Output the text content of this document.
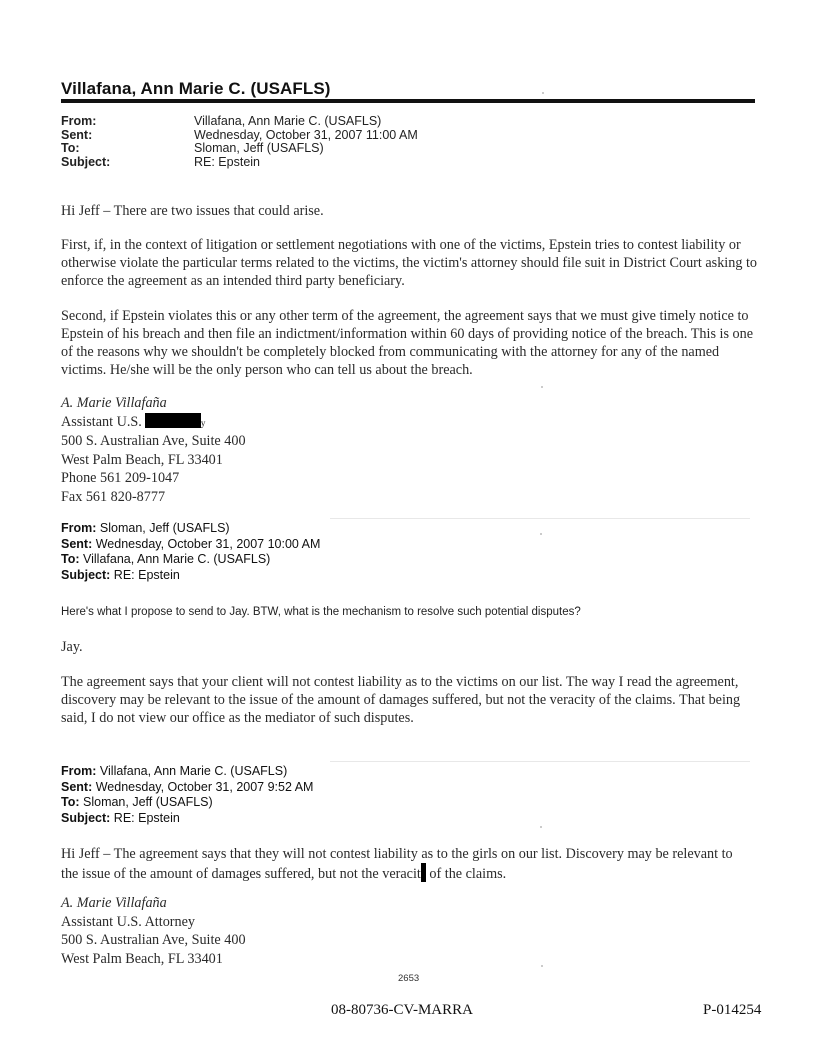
Villafana, Ann Marie C. (USAFLS)
From:	Villafana, Ann Marie C. (USAFLS)
Sent:	Wednesday, October 31, 2007 11:00 AM
To:	Sloman, Jeff (USAFLS)
Subject:	RE: Epstein

Hi Jeff – There are two issues that could arise.

First, if, in the context of litigation or settlement negotiations with one of the victims, Epstein tries to contest liability or otherwise violate the particular terms related to the victims, the victim's attorney should file suit in District Court asking to enforce the agreement as an intended third party beneficiary.

Second, if Epstein violates this or any other term of the agreement, the agreement says that we must give timely notice to Epstein of his breach and then file an indictment/information within 60 days of providing notice of the breach. This is one of the reasons why we shouldn't be completely blocked from communicating with the attorney for any of the named victims. He/she will be the only person who can tell us about the breach.

A. Marie Villafaña
Assistant U.S.	y
500 S. Australian Ave, Suite 400
West Palm Beach, FL 33401
Phone 561 209-1047
Fax 561 820-8777
From: Sloman, Jeff (USAFLS)
Sent: Wednesday, October 31, 2007 10:00 AM
To: Villafana, Ann Marie C. (USAFLS)
Subject: RE: Epstein
Here's what I propose to send to Jay. BTW, what is the mechanism to resolve such potential disputes?

Jay.

The agreement says that your client will not contest liability as to the victims on our list. The way I read the agreement, discovery may be relevant to the issue of the amount of damages suffered, but not the veracity of the claims. That being said, I do not view our office as the mediator of such disputes.

From: Villafana, Ann Marie C. (USAFLS)
Sent: Wednesday, October 31, 2007 9:52 AM
To: Sloman, Jeff (USAFLS)
Subject: RE: Epstein

Hi Jeff – The agreement says that they will not contest liability as to the girls on our list. Discovery may be relevant to the issue of the amount of damages suffered, but not the veracit of the claims.

A. Marie Villafaña
Assistant U.S. Attorney
500 S. Australian Ave, Suite 400
West Palm Beach, FL 33401
2653
08-80736-CV-MARRA	P-014254
